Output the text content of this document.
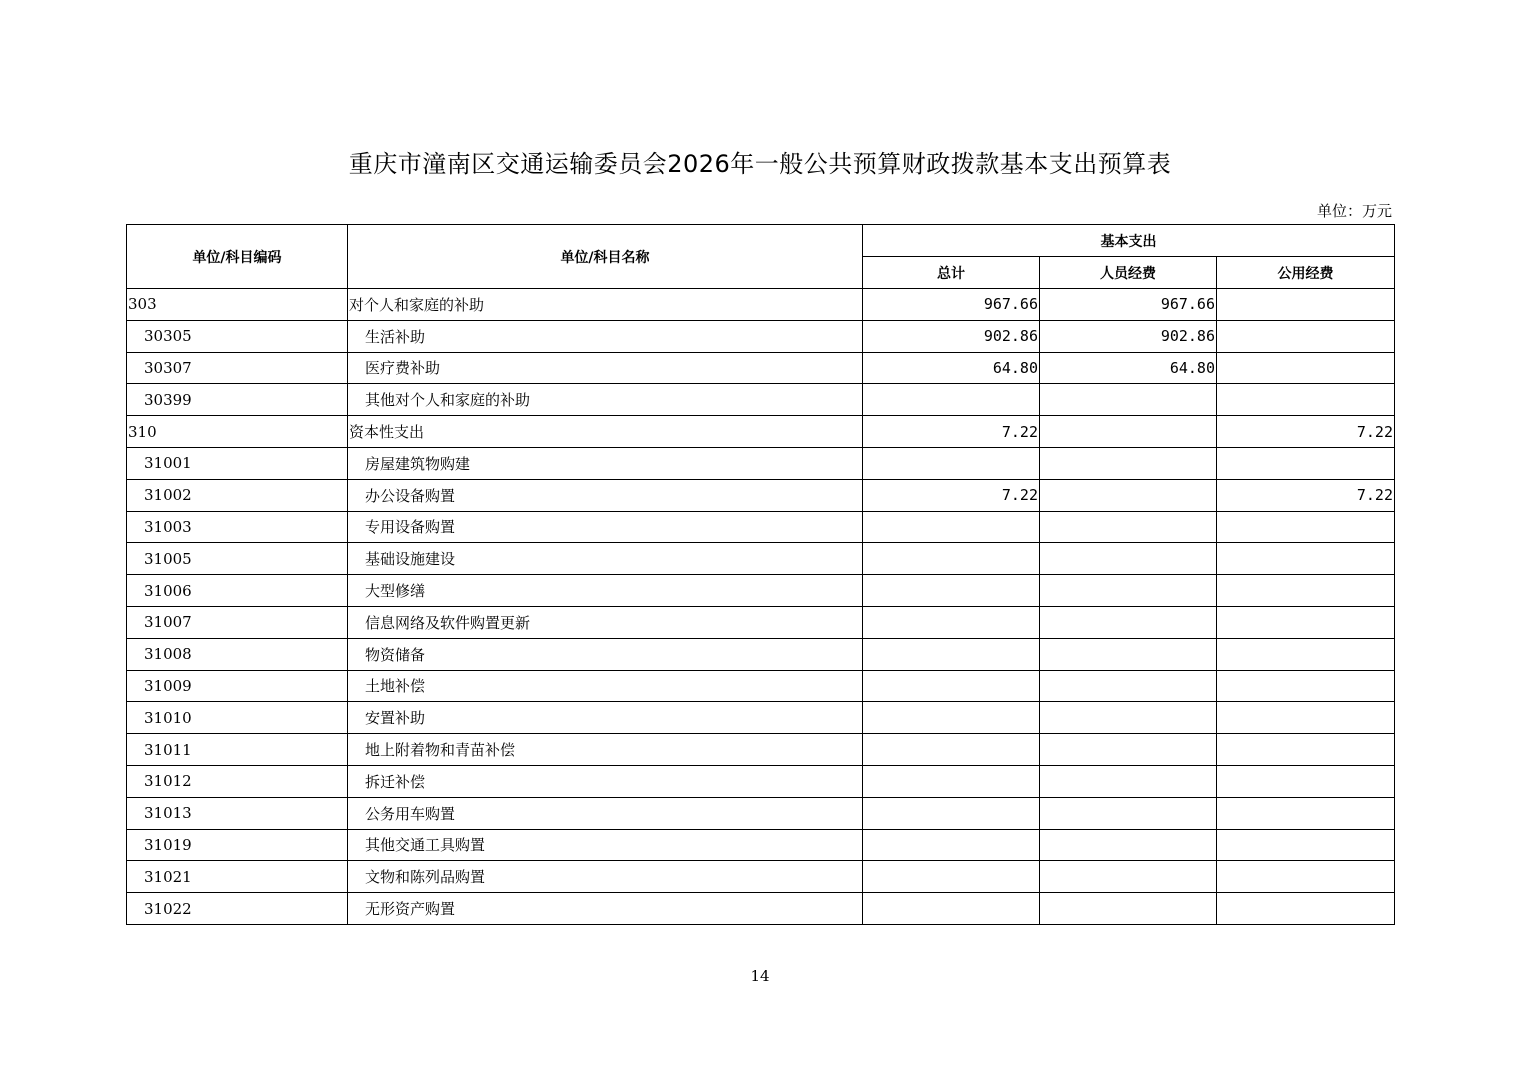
重庆市潼南区交通运输委员会2026年一般公共预算财政拨款基本支出预算表
单位：万元
单位/科目编码	单位/科目名称	基本支出		
		总计	人员经费	公用经费
303	对个人和家庭的补助	967.66	967.66	
30305	生活补助	902.86	902.86	
30307	医疗费补助	64.80	64.80	
30399	其他对个人和家庭的补助			
310	资本性支出	7.22		7.22
31001	房屋建筑物购建			
31002	办公设备购置	7.22		7.22
31003	专用设备购置			
31005	基础设施建设			
31006	大型修缮			
31007	信息网络及软件购置更新			
31008	物资储备			
31009	土地补偿			
31010	安置补助			
31011	地上附着物和青苗补偿			
31012	拆迁补偿			
31013	公务用车购置			
31019	其他交通工具购置			
31021	文物和陈列品购置			
31022	无形资产购置			
14
